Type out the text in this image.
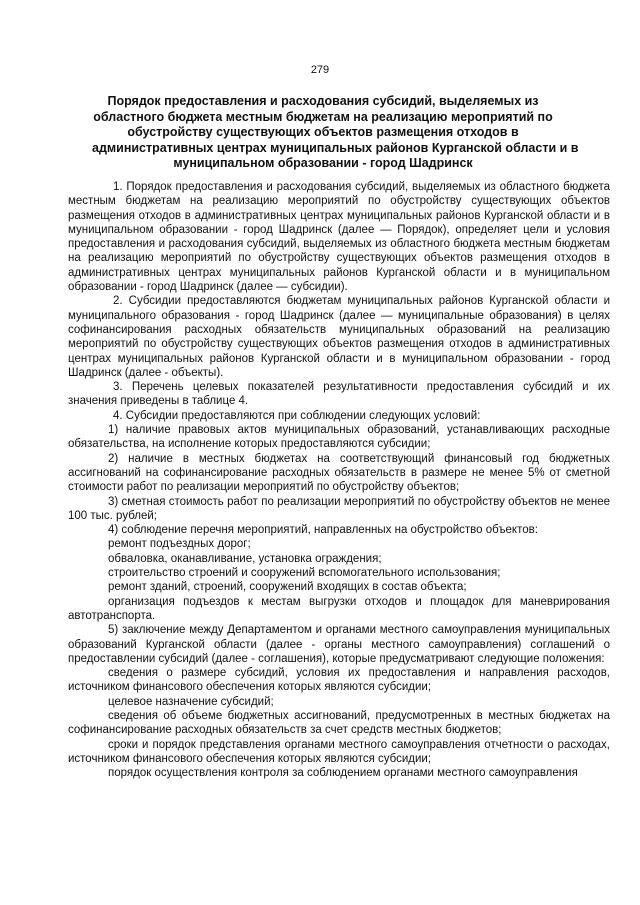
279
Порядок предоставления и расходования субсидий, выделяемых из
областного бюджета местным бюджетам на реализацию мероприятий по
обустройству существующих объектов размещения отходов в
административных центрах муниципальных районов Курганской области и в
муниципальном образовании - город Шадринск

1. Порядок предоставления и расходования субсидий, выделяемых из областного бюджета местным бюджетам на реализацию мероприятий по обустройству существующих объектов размещения отходов в административных центрах муниципальных районов Курганской области и в муниципальном образовании - город Шадринск (далее — Порядок), определяет цели и условия предоставления и расходования субсидий, выделяемых из областного бюджета местным бюджетам на реализацию мероприятий по обустройству существующих объектов размещения отходов в административных центрах муниципальных районов Курганской области и в муниципальном образовании - город Шадринск (далее — субсидии).

2. Субсидии предоставляются бюджетам муниципальных районов Курганской области и муниципального образования - город Шадринск (далее — муниципальные образования) в целях софинансирования расходных обязательств муниципальных образований на реализацию мероприятий по обустройству существующих объектов размещения отходов в административных центрах муниципальных районов Курганской области и в муниципальном образовании - город Шадринск (далее - объекты).

3. Перечень целевых показателей результативности предоставления субсидий и их значения приведены в таблице 4.

4. Субсидии предоставляются при соблюдении следующих условий:

1) наличие правовых актов муниципальных образований, устанавливающих расходные обязательства, на исполнение которых предоставляются субсидии;

2) наличие в местных бюджетах на соответствующий финансовый год бюджетных ассигнований на софинансирование расходных обязательств в размере не менее 5% от сметной стоимости работ по реализации мероприятий по обустройству объектов;

3) сметная стоимость работ по реализации мероприятий по обустройству объектов не менее 100 тыс. рублей;

4) соблюдение перечня мероприятий, направленных на обустройство объектов:

ремонт подъездных дорог;

обваловка, оканавливание, установка ограждения;

строительство строений и сооружений вспомогательного использования;

ремонт зданий, строений, сооружений входящих в состав объекта;

организация подъездов к местам выгрузки отходов и площадок для маневрирования автотранспорта.

5) заключение между Департаментом и органами местного самоуправления муниципальных образований Курганской области (далее - органы местного самоуправления) соглашений о предоставлении субсидий (далее - соглашения), которые предусматривают следующие положения:

сведения о размере субсидий, условия их предоставления и направления расходов, источником финансового обеспечения которых являются субсидии;

целевое назначение субсидий;

сведения об объеме бюджетных ассигнований, предусмотренных в местных бюджетах на софинансирование расходных обязательств за счет средств местных бюджетов;

сроки и порядок представления органами местного самоуправления отчетности о расходах, источником финансового обеспечения которых являются субсидии;

порядок осуществления контроля за соблюдением органами местного самоуправления
